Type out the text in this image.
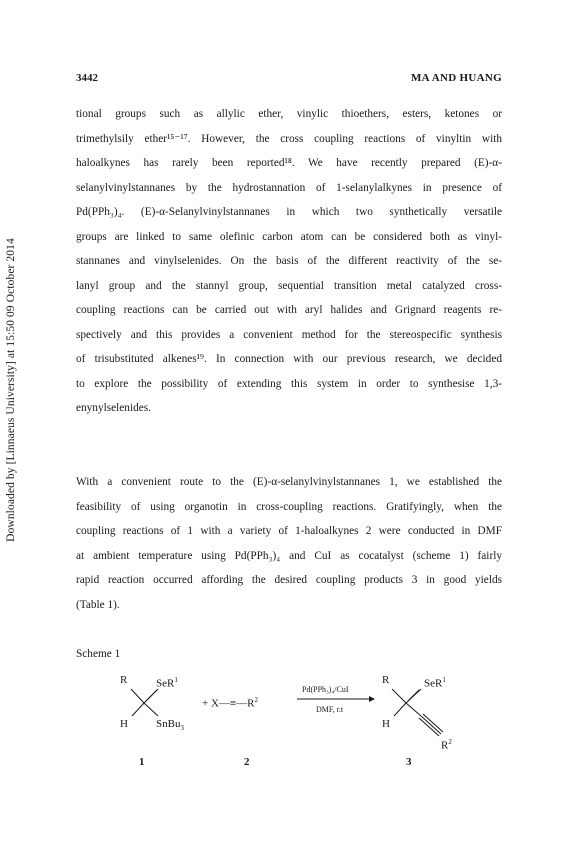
Downloaded by [Linnaeus University] at 15:50 09 October 2014
3442	MA AND HUANG
tional groups such as allylic ether, vinylic thioethers, esters, ketones or
trimethylsily ether¹⁵⁻¹⁷. However, the cross coupling reactions of vinyltin with
haloalkynes has rarely been reported¹⁸. We have recently prepared (E)-α-
selanylvinylstannanes by the hydrostannation of 1-selanylalkynes in presence of
Pd(PPh₃)₄. (E)-α-Selanylvinylstannanes in which two synthetically versatile
groups are linked to same olefinic carbon atom can be considered both as vinyl-
stannanes and vinylselenides. On the basis of the different reactivity of the se-
lanyl group and the stannyl group, sequential transition metal catalyzed cross-
coupling reactions can be carried out with aryl halides and Grignard reagents re-
spectively and this provides a convenient method for the stereospecific synthesis
of trisubstituted alkenes¹⁹. In connection with our previous research, we decided
to explore the possibility of extending this system in order to synthesise 1,3-
enynylselenides.
With a convenient route to the (E)-α-selanylvinylstannanes 1, we established the
feasibility of using organotin in cross-coupling reactions. Gratifyingly, when the
coupling reactions of 1 with a variety of 1-haloalkynes 2 were conducted in DMF
at ambient temperature using Pd(PPh₃)₄ and CuI as cocatalyst (scheme 1) fairly
rapid reaction occurred affording the desired coupling products 3 in good yields
(Table 1).
Scheme 1
R	SeR$^1$
H	SnBu$_3$
+ $X—\equiv—R^2$
Pd(PPh₃)₄/CuI
DMF, r.t
R	SeR$^1$
H
$R^2$
1	2	3
